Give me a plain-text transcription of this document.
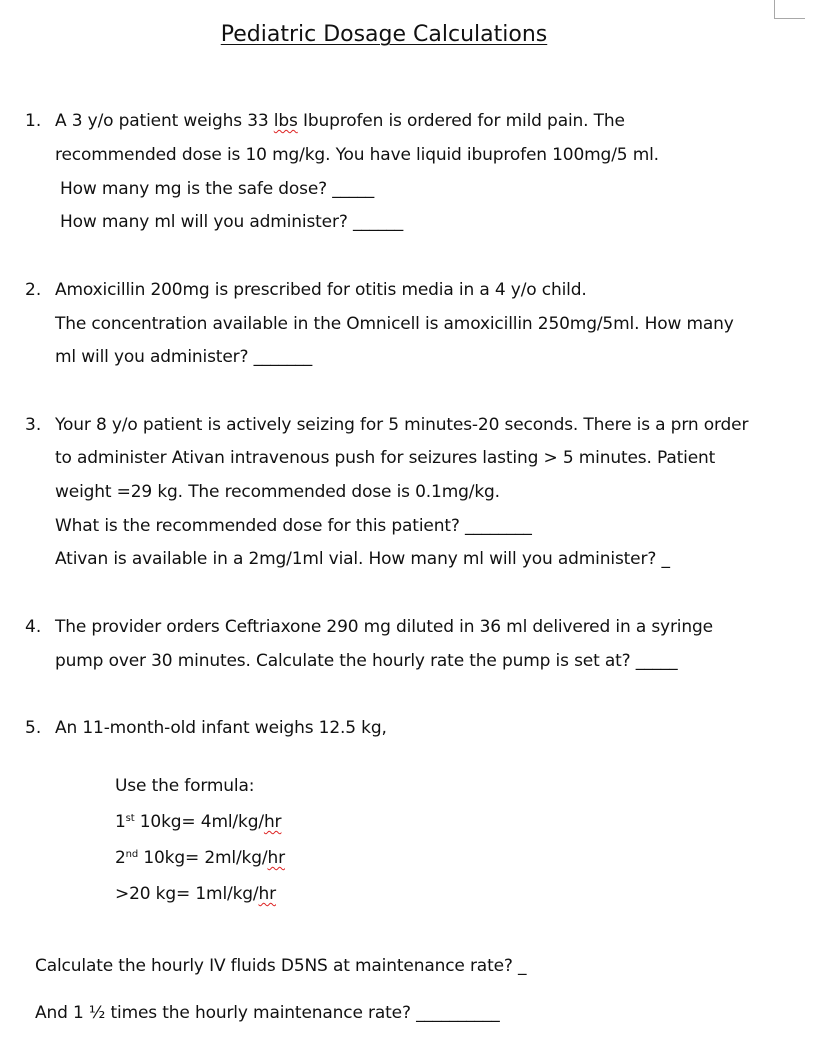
Pediatric Dosage Calculations
1. A 3 y/o patient weighs 33 lbs Ibuprofen is ordered for mild pain. The
recommended dose is 10 mg/kg. You have liquid ibuprofen 100mg/5 ml.
How many mg is the safe dose? _____
How many ml will you administer? ______
2. Amoxicillin 200mg is prescribed for otitis media in a 4 y/o child.
The concentration available in the Omnicell is amoxicillin 250mg/5ml. How many
ml will you administer? _______
3. Your 8 y/o patient is actively seizing for 5 minutes-20 seconds. There is a prn order
to administer Ativan intravenous push for seizures lasting > 5 minutes. Patient
weight =29 kg. The recommended dose is 0.1mg/kg.
What is the recommended dose for this patient? ________
Ativan is available in a 2mg/1ml vial. How many ml will you administer? _
4. The provider orders Ceftriaxone 290 mg diluted in 36 ml delivered in a syringe
pump over 30 minutes. Calculate the hourly rate the pump is set at? _____
5. An 11-month-old infant weighs 12.5 kg,
Use the formula:
1st 10kg= 4ml/kg/hr
2nd 10kg= 2ml/kg/hr
>20 kg= 1ml/kg/hr
Calculate the hourly IV fluids D5NS at maintenance rate? _
And 1 ½ times the hourly maintenance rate? __________
